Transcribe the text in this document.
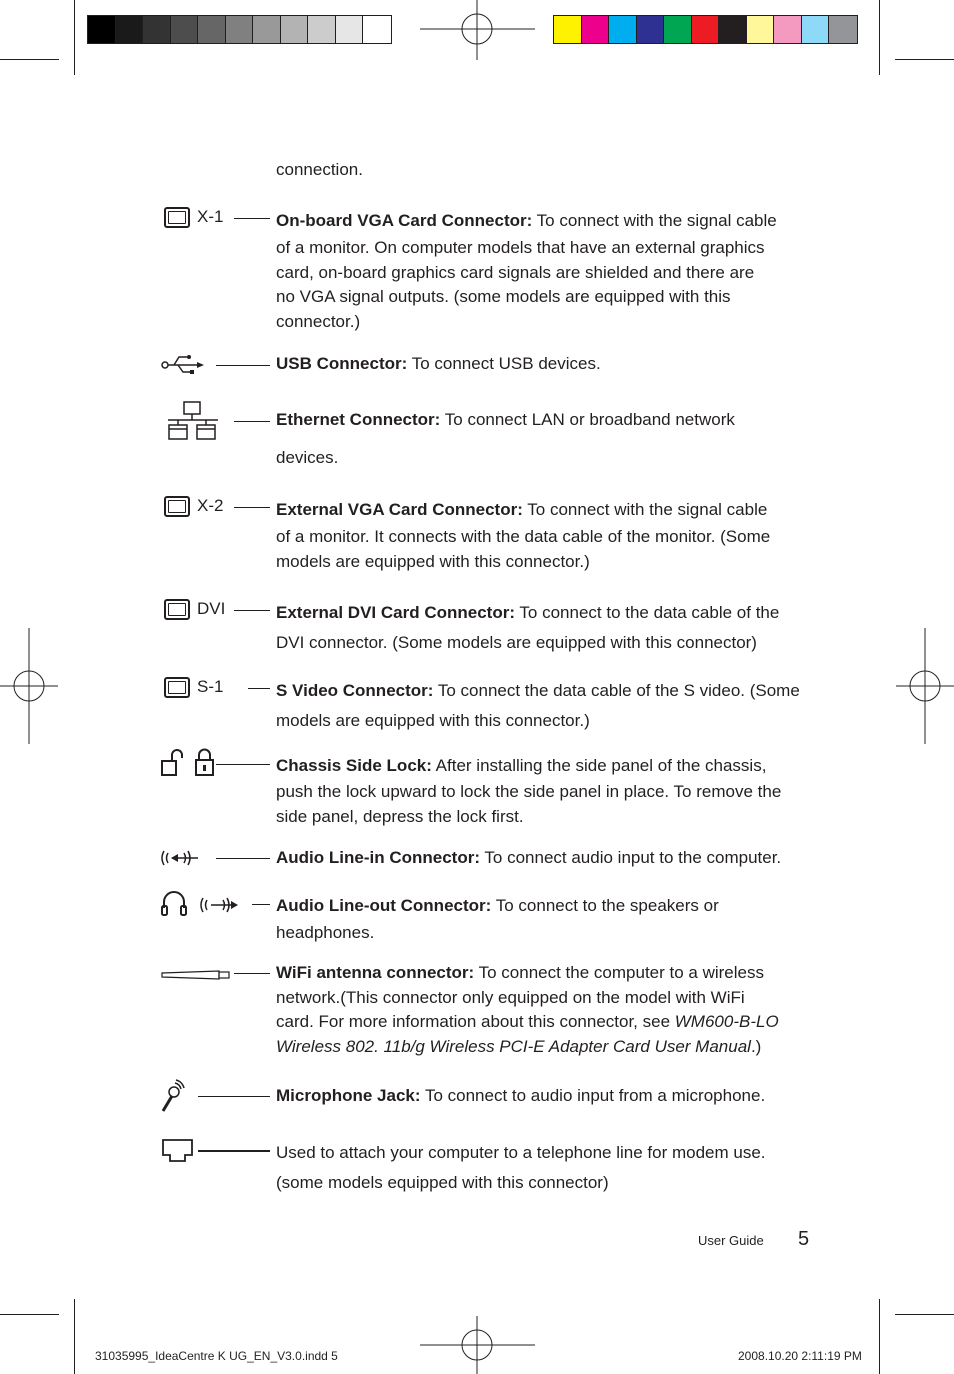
connection.
X-1	On-board VGA Card Connector: To connect with the signal cable
of a monitor. On computer models that have an external graphics
card, on-board graphics card signals are shielded and there are
no VGA signal outputs. (some models are equipped with this
connector.)
USB Connector: To connect USB devices.
Ethernet Connector: To connect LAN or broadband network
devices.
X-2	External VGA Card Connector: To connect with the signal cable
of a monitor. It connects with the data cable of the monitor. (Some
models are equipped with this connector.)
DVI	External DVI Card Connector: To connect to the data cable of the
DVI connector. (Some models are equipped with this connector)
S-1	S Video Connector: To connect the data cable of the S video. (Some
models are equipped with this connector.)
Chassis Side Lock: After installing the side panel of the chassis,
push the lock upward to lock the side panel in place. To remove the
side panel, depress the lock first.
Audio Line-in Connector: To connect audio input to the computer.
Audio Line-out Connector: To connect to the speakers or
headphones.
WiFi antenna connector: To connect the computer to a wireless
network.(This connector only equipped on the model with WiFi
card. For more information about this connector, see WM600-B-LO
Wireless 802. 11b/g Wireless PCI-E Adapter Card User Manual.)
Microphone Jack: To connect to audio input from a microphone.
Used to attach your computer to a telephone line for modem use.
(some models equipped with this connector)
User Guide 5
31035995_IdeaCentre K UG_EN_V3.0.indd 5	2008.10.20 2:11:19 PM
